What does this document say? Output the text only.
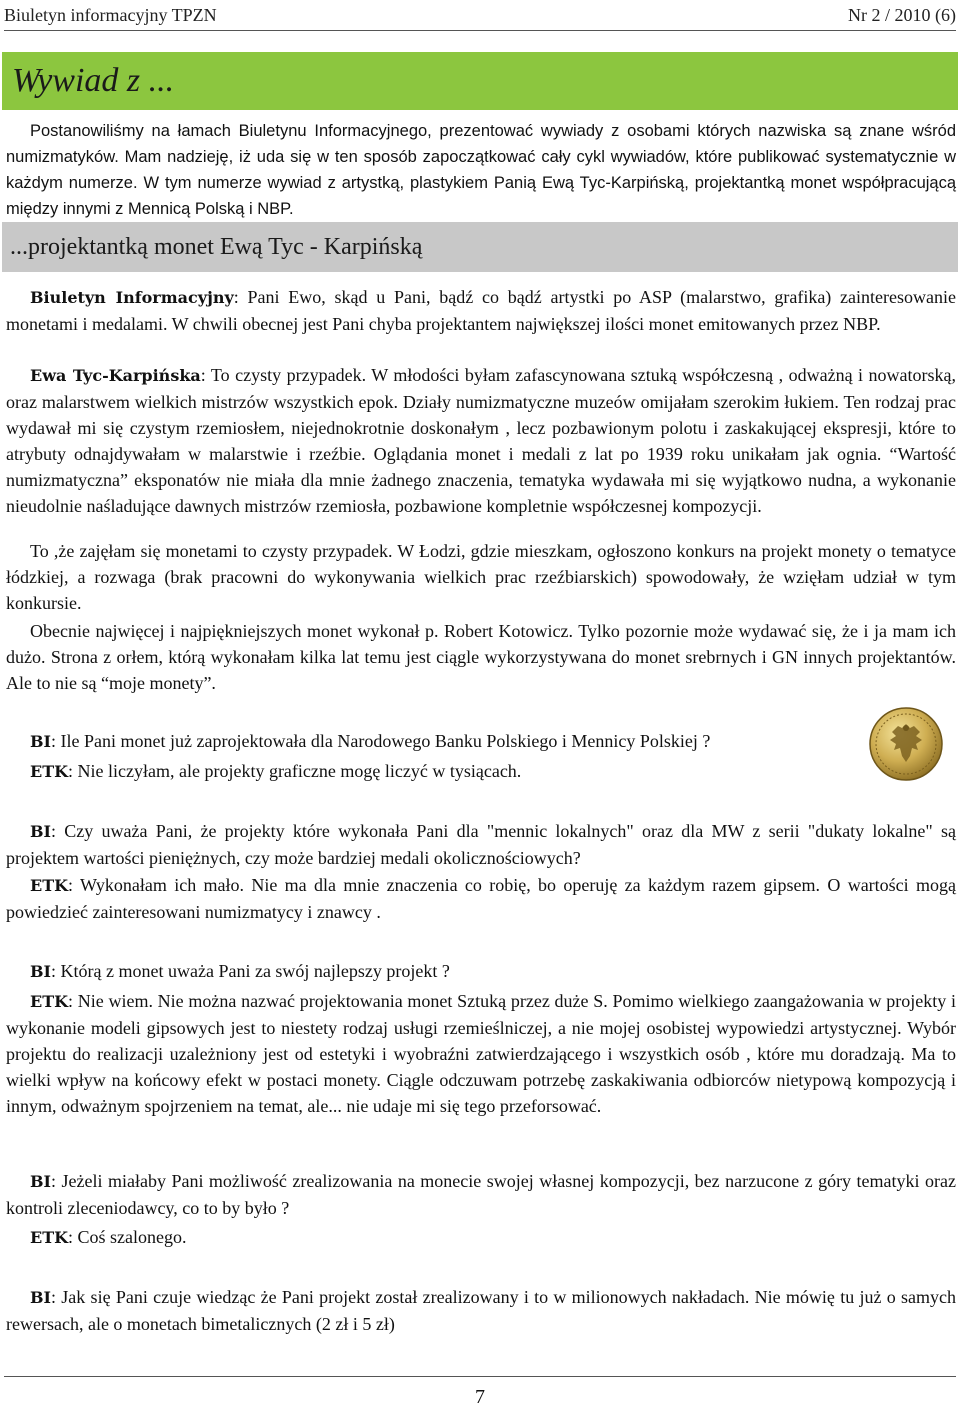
Biuletyn informacyjny TPZN	Nr 2 / 2010 (6)
Wywiad z ...
Postanowiliśmy na łamach Biuletynu Informacyjnego, prezentować wywiady z osobami których nazwiska są znane wśród numizmatyków. Mam nadzieję, iż uda się w ten sposób zapoczątkować cały cykl wywiadów, które publikować systematycznie w każdym numerze. W tym numerze wywiad z artystką, plastykiem Panią Ewą Tyc-Karpińską, projektantką monet współpracującą między innymi z Mennicą Polską i NBP.
...projektantką monet Ewą Tyc - Karpińską
Biuletyn Informacyjny: Pani Ewo, skąd u Pani, bądź co bądź artystki po ASP (malarstwo, grafika) zainteresowanie monetami i medalami. W chwili obecnej jest Pani chyba projektantem największej ilości monet emitowanych przez NBP.
Ewa Tyc-Karpińska: To czysty przypadek. W młodości byłam zafascynowana sztuką współczesną , odważną i nowatorską, oraz malarstwem wielkich mistrzów wszystkich epok. Działy numizmatyczne muzeów omijałam szerokim łukiem. Ten rodzaj prac wydawał mi się czystym rzemiosłem, niejednokrotnie doskonałym , lecz pozbawionym polotu i zaskakującej ekspresji, które to atrybuty odnajdywałam w malarstwie i rzeźbie. Oglądania monet i medali z lat po 1939 roku unikałam jak ognia. “Wartość numizmatyczna” eksponatów nie miała dla mnie żadnego znaczenia, tematyka wydawała mi się wyjątkowo nudna, a wykonanie nieudolnie naśladujące dawnych mistrzów rzemiosła, pozbawione kompletnie współczesnej kompozycji.
To ,że zajęłam się monetami to czysty przypadek. W Łodzi, gdzie mieszkam, ogłoszono konkurs na projekt monety o tematyce łódzkiej, a rozwaga (brak pracowni do wykonywania wielkich prac rzeźbiarskich) spowodowały, że wzięłam udział w tym konkursie.
Obecnie najwięcej i najpiękniejszych monet wykonał p. Robert Kotowicz. Tylko pozornie może wydawać się, że i ja mam ich dużo. Strona z orłem, którą wykonałam kilka lat temu jest ciągle wykorzystywana do monet srebrnych i GN innych projektantów. Ale to nie są “moje monety”.
BI: Ile Pani monet już zaprojektowała dla Narodowego Banku Polskiego i Mennicy Polskiej ?
ETK: Nie liczyłam, ale projekty graficzne mogę liczyć w tysiącach.
BI: Czy uważa Pani, że projekty które wykonała Pani dla "mennic lokalnych" oraz dla MW z serii "dukaty lokalne" są projektem wartości pieniężnych, czy może bardziej medali okolicznościowych?
ETK: Wykonałam ich mało. Nie ma dla mnie znaczenia co robię, bo operuję za każdym razem gipsem. O wartości mogą powiedzieć zainteresowani numizmatycy i znawcy .
BI: Którą z monet uważa Pani za swój najlepszy projekt ?
ETK: Nie wiem. Nie można nazwać projektowania monet Sztuką przez duże S. Pomimo wielkiego zaangażowania w projekty i wykonanie modeli gipsowych jest to niestety rodzaj usługi rzemieślniczej, a nie mojej osobistej wypowiedzi artystycznej. Wybór projektu do realizacji uzależniony jest od estetyki i wyobraźni zatwierdzającego i wszystkich osób , które mu doradzają. Ma to wielki wpływ na końcowy efekt w postaci monety. Ciągle odczuwam potrzebę zaskakiwania odbiorców nietypową kompozycją i innym, odważnym spojrzeniem na temat, ale... nie udaje mi się tego przeforsować.
BI: Jeżeli miałaby Pani możliwość zrealizowania na monecie swojej własnej kompozycji, bez narzucone z góry tematyki oraz kontroli zleceniodawcy, co to by było ?
ETK: Coś szalonego.
BI: Jak się Pani czuje wiedząc że Pani projekt został zrealizowany i to w milionowych nakładach. Nie mówię tu już o samych rewersach, ale o monetach bimetalicznych (2 zł i 5 zł)
7
